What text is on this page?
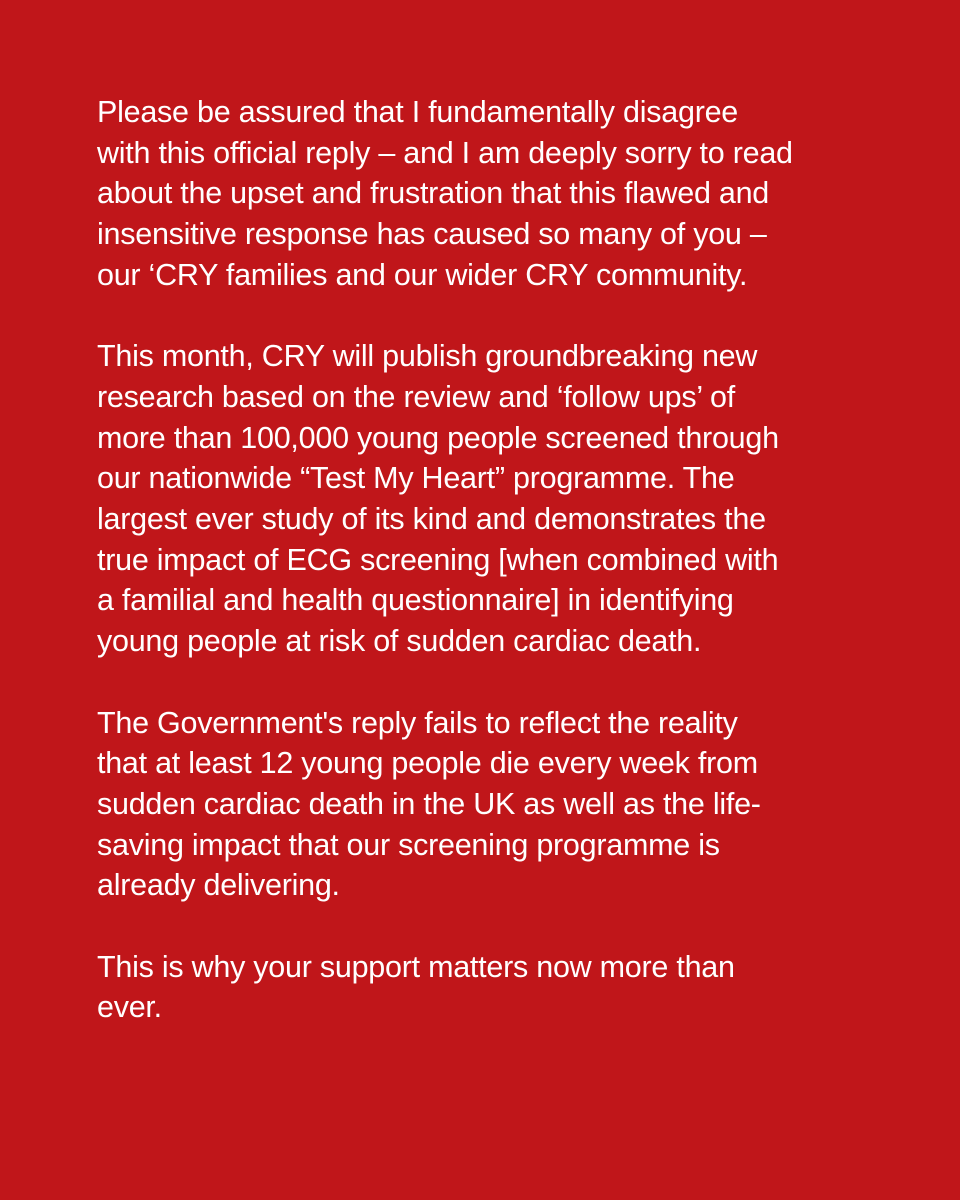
Please be assured that I fundamentally disagree
with this official reply – and I am deeply sorry to read
about the upset and frustration that this flawed and
insensitive response has caused so many of you –
our ‘CRY families and our wider CRY community.

This month, CRY will publish groundbreaking new
research based on the review and ‘follow ups’ of
more than 100,000 young people screened through
our nationwide “Test My Heart” programme. The
largest ever study of its kind and demonstrates the
true impact of ECG screening [when combined with
a familial and health questionnaire] in identifying
young people at risk of sudden cardiac death.

The Government's reply fails to reflect the reality
that at least 12 young people die every week from
sudden cardiac death in the UK as well as the life-
saving impact that our screening programme is
already delivering.

This is why your support matters now more than
ever.
